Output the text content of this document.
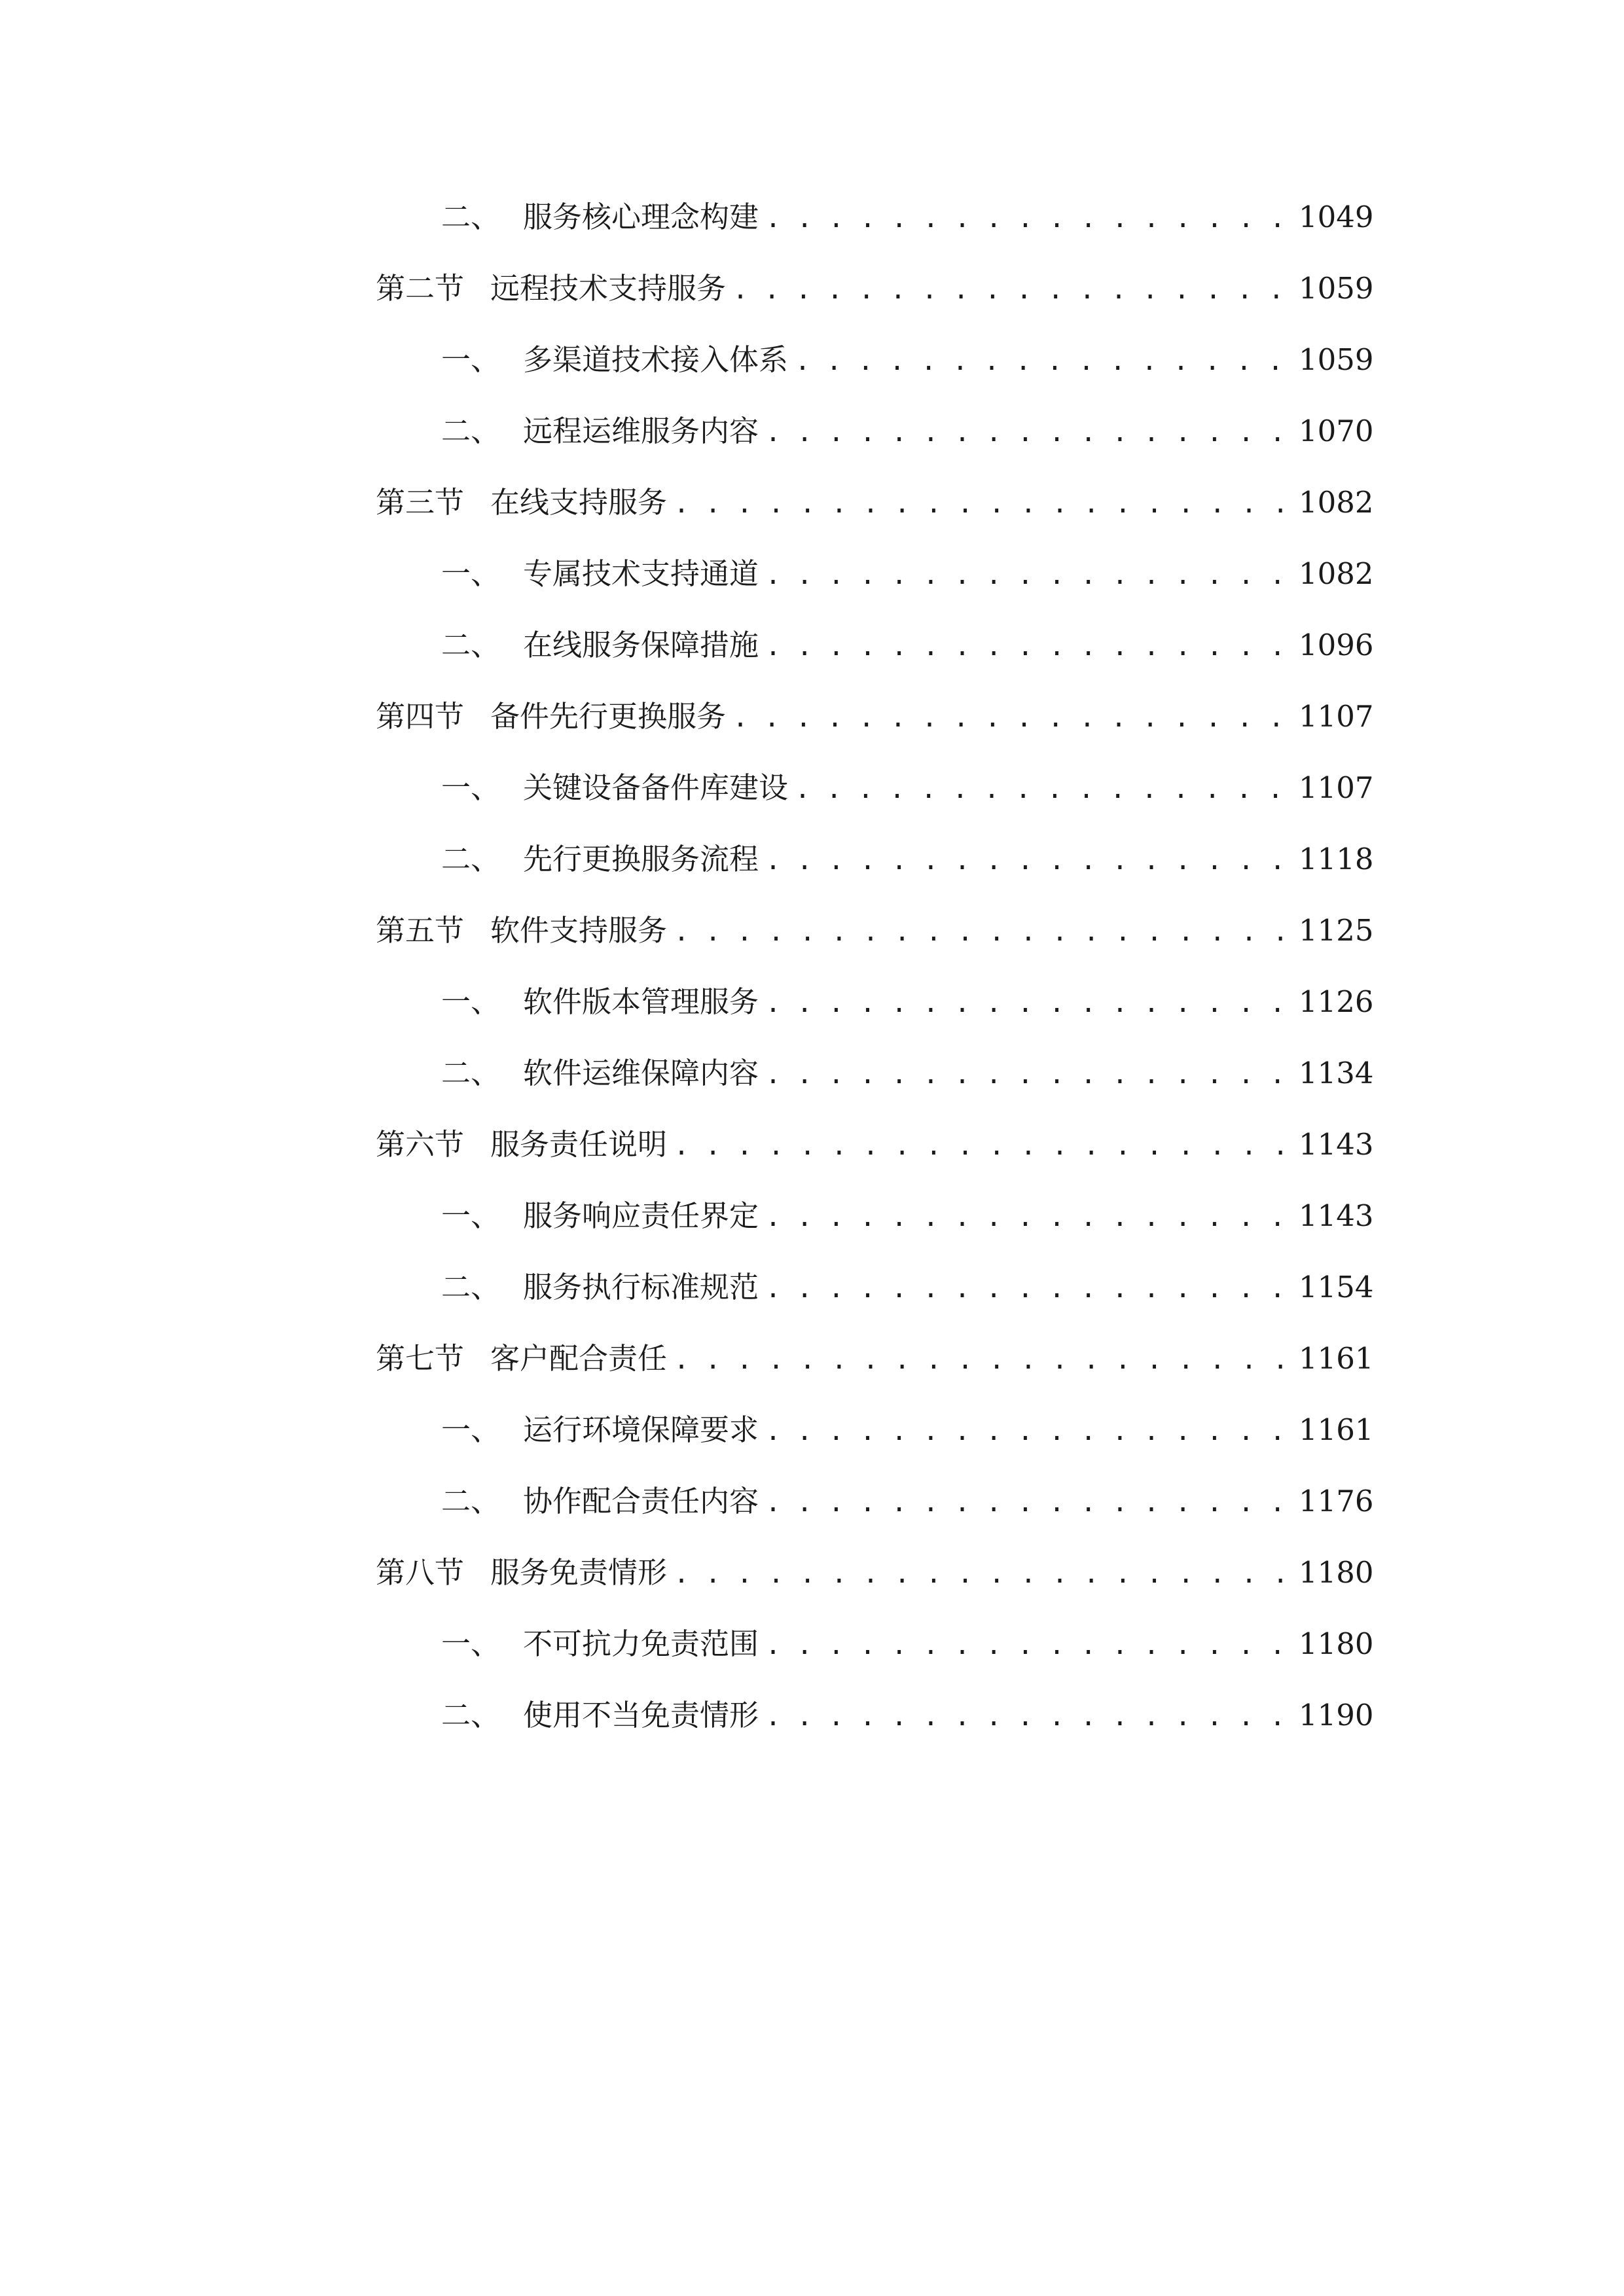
二、 服务核心理念构建 . . .	1049
第二节 远程技术支持服务 . . .	1059
一、 多渠道技术接入体系 . . .	1059
二、 远程运维服务内容 . . .	1070
第三节 在线支持服务 . . .	1082
一、 专属技术支持通道 . . .	1082
二、 在线服务保障措施 . . .	1096
第四节 备件先行更换服务 . . .	1107
一、 关键设备备件库建设 . . .	1107
二、 先行更换服务流程 . . .	1118
第五节 软件支持服务 . . .	1125
一、 软件版本管理服务 . . .	1126
二、 软件运维保障内容 . . .	1134
第六节 服务责任说明 . . .	1143
一、 服务响应责任界定 . . .	1143
二、 服务执行标准规范 . . .	1154
第七节 客户配合责任 . . .	1161
一、 运行环境保障要求 . . .	1161
二、 协作配合责任内容 . . .	1176
第八节 服务免责情形 . . .	1180
一、 不可抗力免责范围 . . .	1180
二、 使用不当免责情形 . . .	1190
